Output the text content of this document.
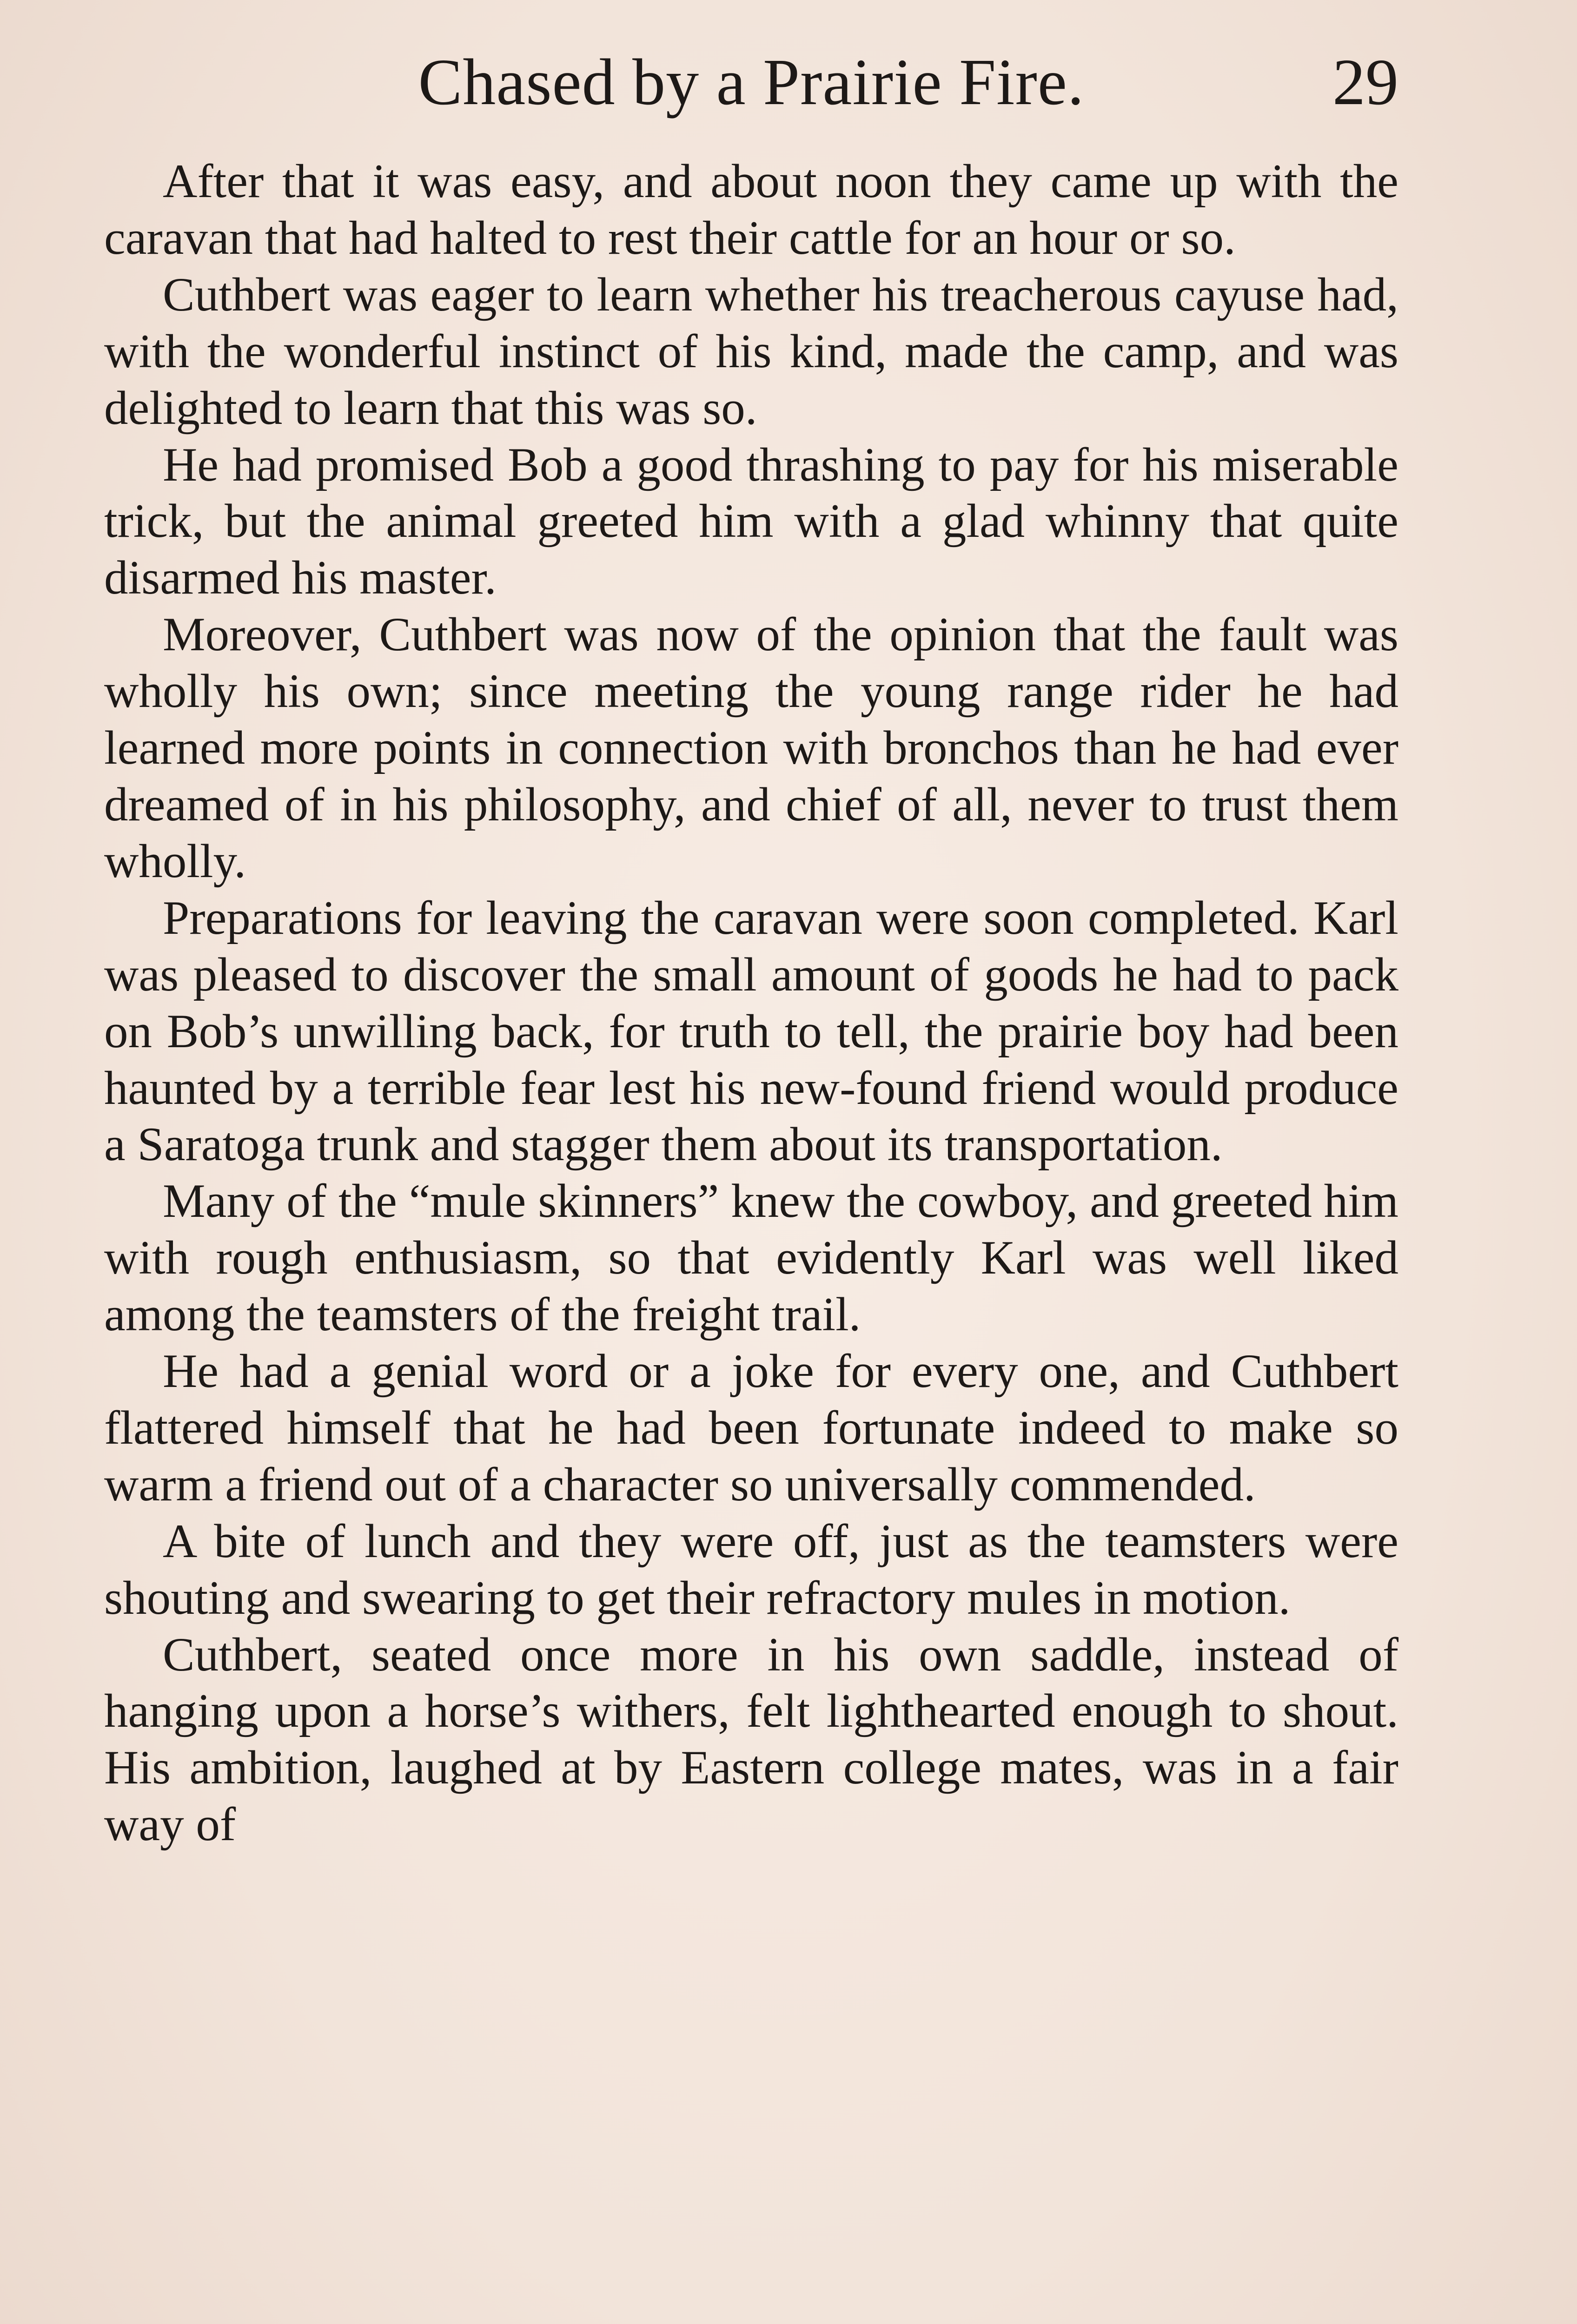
Chased by a Prairie Fire.	29

After that it was easy, and about noon they came up with the caravan that had halted to rest their cattle for an hour or so.

Cuthbert was eager to learn whether his treacherous cayuse had, with the wonderful instinct of his kind, made the camp, and was delighted to learn that this was so.

He had promised Bob a good thrashing to pay for his miserable trick, but the animal greeted him with a glad whinny that quite disarmed his master.

Moreover, Cuthbert was now of the opinion that the fault was wholly his own; since meeting the young range rider he had learned more points in connection with bronchos than he had ever dreamed of in his philosophy, and chief of all, never to trust them wholly.

Preparations for leaving the caravan were soon completed. Karl was pleased to discover the small amount of goods he had to pack on Bob’s unwilling back, for truth to tell, the prairie boy had been haunted by a terrible fear lest his new-found friend would produce a Saratoga trunk and stagger them about its transportation.

Many of the “mule skinners” knew the cowboy, and greeted him with rough enthusiasm, so that evidently Karl was well liked among the teamsters of the freight trail.

He had a genial word or a joke for every one, and Cuthbert flattered himself that he had been fortunate indeed to make so warm a friend out of a character so universally commended.

A bite of lunch and they were off, just as the teamsters were shouting and swearing to get their refractory mules in motion.

Cuthbert, seated once more in his own saddle, instead of hanging upon a horse’s withers, felt lighthearted enough to shout. His ambition, laughed at by Eastern college mates, was in a fair way of
